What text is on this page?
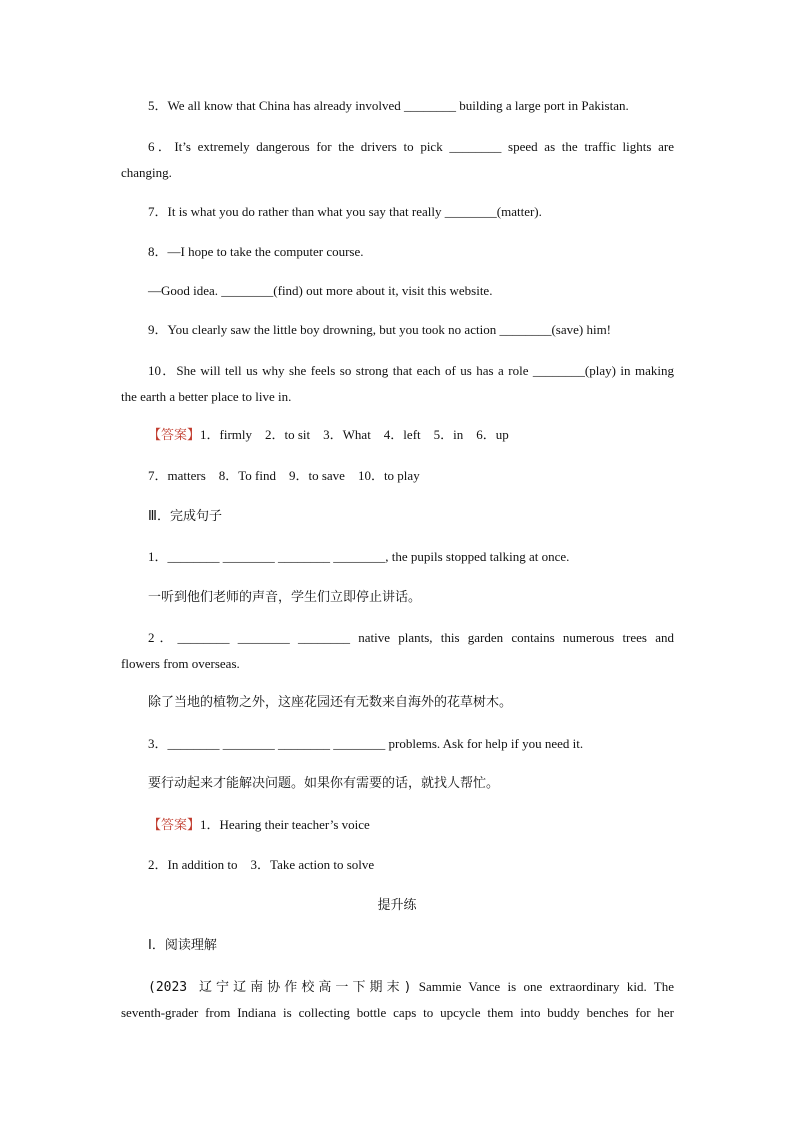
5．We all know that China has already involved ________ building a large port in Pakistan.
6．It’s extremely dangerous for the drivers to pick ________ speed as the traffic lights are
changing.
7．It is what you do rather than what you say that really ________(matter).
8．—I hope to take the computer course.
—Good idea. ________(find) out more about it, visit this website.
9．You clearly saw the little boy drowning, but you took no action ________(save) him!
10．She will tell us why she feels so strong that each of us has a role ________(play) in making
the earth a better place to live in.
【答案】1．firmly　2．to sit　3．What　4．left　5．in　6．up
7．matters　8．To find　9．to save　10．to play
Ⅲ．完成句子
1．________ ________ ________ ________, the pupils stopped talking at once.
一听到他们老师的声音，学生们立即停止讲话。
2．________ ________ ________ native plants, this garden contains numerous trees and
flowers from overseas.
除了当地的植物之外，这座花园还有无数来自海外的花草树木。
3．________ ________ ________ ________ problems. Ask for help if you need it.
要行动起来才能解决问题。如果你有需要的话，就找人帮忙。
【答案】1．Hearing their teacher’s voice
2．In addition to　3．Take action to solve
提升练
Ⅰ．阅读理解
(2023 辽宁辽南协作校高一下期末) Sammie Vance is one extraordinary kid. The
seventh-grader from Indiana is collecting bottle caps to upcycle them into buddy benches for her
